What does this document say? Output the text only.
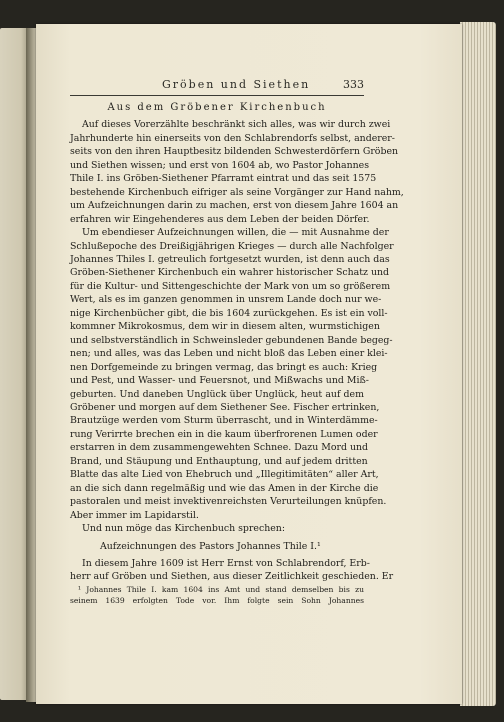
Gröben und Siethen	333
Aus dem Gröbener Kirchenbuch
Auf dieses Vorerzählte beschränkt sich alles, was wir durch zwei
Jahrhunderte hin einerseits von den Schlabrendorfs selbst, anderer-
seits von den ihren Hauptbesitz bildenden Schwesterdörfern Gröben
und Siethen wissen; und erst von 1604 ab, wo Pastor Johannes
Thile I. ins Gröben-Siethener Pfarramt eintrat und das seit 1575
bestehende Kirchenbuch eifriger als seine Vorgänger zur Hand nahm,
um Aufzeichnungen darin zu machen, erst von diesem Jahre 1604 an
erfahren wir Eingehenderes aus dem Leben der beiden Dörfer.
Um ebendieser Aufzeichnungen willen, die — mit Ausnahme der
Schlußepoche des Dreißigjährigen Krieges — durch alle Nachfolger
Johannes Thiles I. getreulich fortgesetzt wurden, ist denn auch das
Gröben-Siethener Kirchenbuch ein wahrer historischer Schatz und
für die Kultur- und Sittengeschichte der Mark von um so größerem
Wert, als es im ganzen genommen in unsrem Lande doch nur we-
nige Kirchenbücher gibt, die bis 1604 zurückgehen. Es ist ein voll-
kommner Mikrokosmus, dem wir in diesem alten, wurmstichigen
und selbstverständlich in Schweinsleder gebundenen Bande begeg-
nen; und alles, was das Leben und nicht bloß das Leben einer klei-
nen Dorfgemeinde zu bringen vermag, das bringt es auch: Krieg
und Pest, und Wasser- und Feuersnot, und Mißwachs und Miß-
geburten. Und daneben Unglück über Unglück, heut auf dem
Gröbener und morgen auf dem Siethener See. Fischer ertrinken,
Brautzüge werden vom Sturm überrascht, und in Winterdämme-
rung Verirrte brechen ein in die kaum überfrorenen Lumen oder
erstarren in dem zusammengewehten Schnee. Dazu Mord und
Brand, und Stäupung und Enthauptung, und auf jedem dritten
Blatte das alte Lied von Ehebruch und „Illegitimitäten“ aller Art,
an die sich dann regelmäßig und wie das Amen in der Kirche die
pastoralen und meist invektivenreichsten Verurteilungen knüpfen.
Aber immer im Lapidarstil.
Und nun möge das Kirchenbuch sprechen:
Aufzeichnungen des Pastors Johannes Thile I.¹
In diesem Jahre 1609 ist Herr Ernst von Schlabrendorf, Erb-
herr auf Gröben und Siethen, aus dieser Zeitlichkeit geschieden. Er
¹ Johannes Thile I. kam 1604 ins Amt und stand demselben bis zu
seinem 1639 erfolgten Tode vor. Ihm folgte sein Sohn Johannes
